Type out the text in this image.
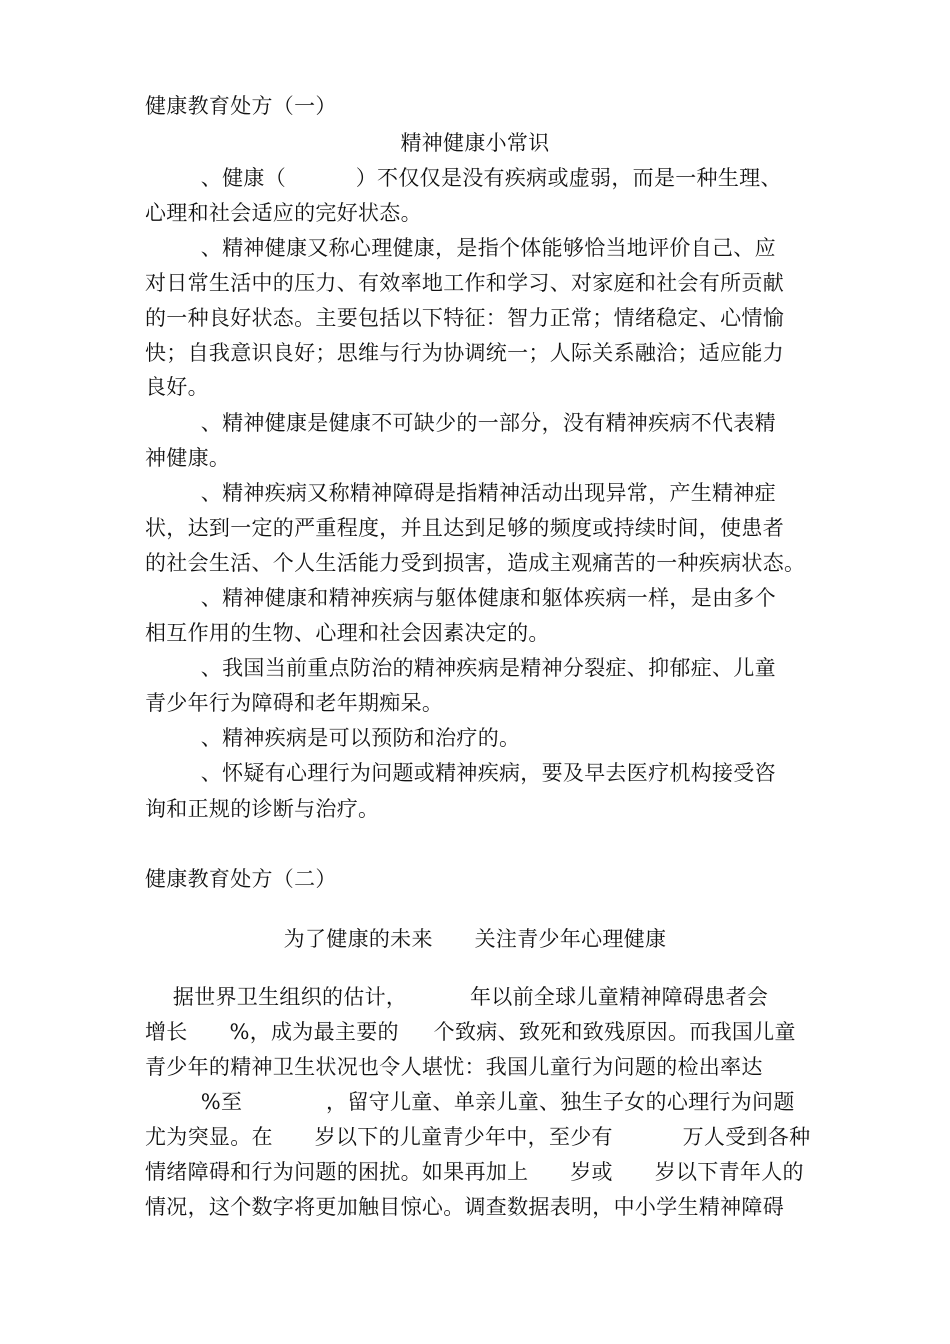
健康教育处方（一）
精神健康小常识
、健康（          ）不仅仅是没有疾病或虚弱，而是一种生理、
心理和社会适应的完好状态。
、精神健康又称心理健康，是指个体能够恰当地评价自己、应
对日常生活中的压力、有效率地工作和学习、对家庭和社会有所贡献
的一种良好状态。主要包括以下特征：智力正常；情绪稳定、心情愉
快；自我意识良好；思维与行为协调统一；人际关系融洽；适应能力
良好。
、精神健康是健康不可缺少的一部分，没有精神疾病不代表精
神健康。
、精神疾病又称精神障碍是指精神活动出现异常，产生精神症
状，达到一定的严重程度，并且达到足够的频度或持续时间，使患者
的社会生活、个人生活能力受到损害，造成主观痛苦的一种疾病状态。
、精神健康和精神疾病与躯体健康和躯体疾病一样，是由多个
相互作用的生物、心理和社会因素决定的。
、我国当前重点防治的精神疾病是精神分裂症、抑郁症、儿童
青少年行为障碍和老年期痴呆。
、精神疾病是可以预防和治疗的。
、怀疑有心理行为问题或精神疾病，要及早去医疗机构接受咨
询和正规的诊断与治疗。
健康教育处方（二）
为了健康的未来      关注青少年心理健康
据世界卫生组织的估计，         年以前全球儿童精神障碍患者会
增长      %，成为最主要的     个致病、致死和致残原因。而我国儿童
青少年的精神卫生状况也令人堪忧：我国儿童行为问题的检出率达
%至            ，留守儿童、单亲儿童、独生子女的心理行为问题
尤为突显。在      岁以下的儿童青少年中，至少有          万人受到各种
情绪障碍和行为问题的困扰。如果再加上      岁或      岁以下青年人的
情况，这个数字将更加触目惊心。调查数据表明，中小学生精神障碍
